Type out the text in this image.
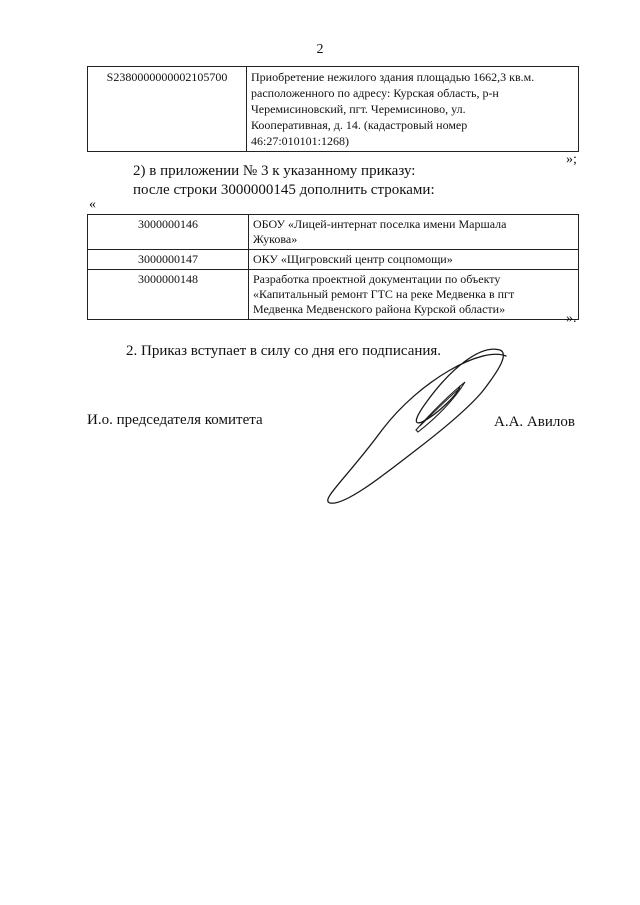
2
S2380000000002105700	Приобретение нежилого здания площадью 1662,3 кв.м.
расположенного по адресу: Курская область, р-н
Черемисиновский, пгт. Черемисиново, ул.
Кооперативная, д. 14. (кадастровый номер
46:27:010101:1268)
»;
2) в приложении № 3 к указанному приказу:
после строки 3000000145 дополнить строками:
«
3000000146	ОБОУ «Лицей-интернат поселка имени Маршала
Жукова»

3000000147	ОКУ «Щигровский центр соцпомощи»

3000000148	Разработка проектной документации по объекту
«Капитальный ремонт ГТС на реке Медвенка в пгт
Медвенка Медвенского района Курской области»
».
2. Приказ вступает в силу со дня его подписания.
И.о. председателя комитета	А.А. Авилов
